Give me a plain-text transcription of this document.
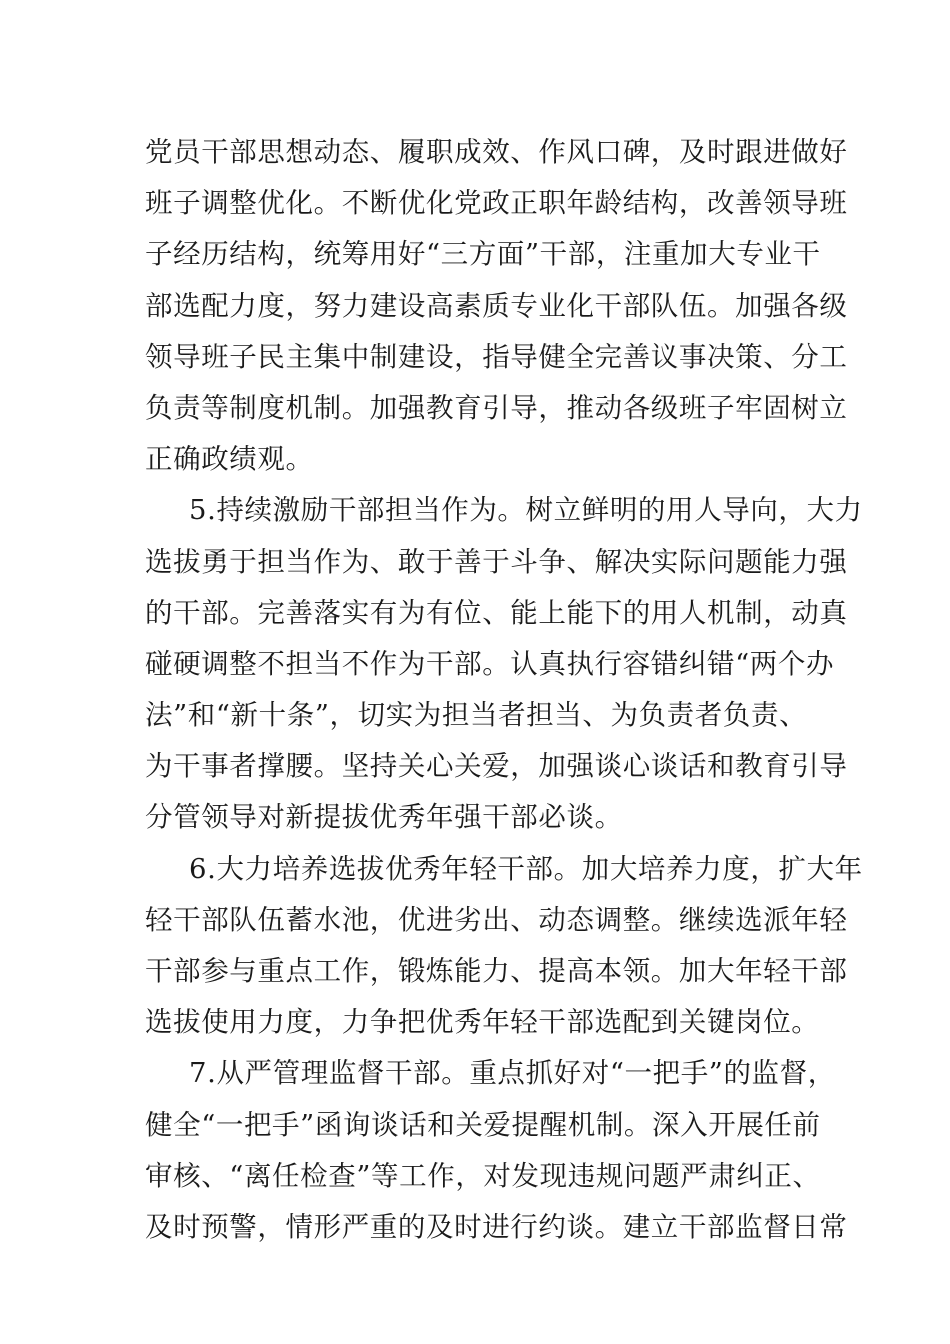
党员干部思想动态、履职成效、作风口碑，及时跟进做好
班子调整优化。不断优化党政正职年龄结构，改善领导班
子经历结构，统筹用好“三方面”干部，注重加大专业干
部选配力度，努力建设高素质专业化干部队伍。加强各级
领导班子民主集中制建设，指导健全完善议事决策、分工
负责等制度机制。加强教育引导，推动各级班子牢固树立
正确政绩观。
5.持续激励干部担当作为。树立鲜明的用人导向，大力
选拔勇于担当作为、敢于善于斗争、解决实际问题能力强
的干部。完善落实有为有位、能上能下的用人机制，动真
碰硬调整不担当不作为干部。认真执行容错纠错“两个办
法”和“新十条”，切实为担当者担当、为负责者负责、
为干事者撑腰。坚持关心关爱，加强谈心谈话和教育引导
分管领导对新提拔优秀年强干部必谈。
6.大力培养选拔优秀年轻干部。加大培养力度，扩大年
轻干部队伍蓄水池，优进劣出、动态调整。继续选派年轻
干部参与重点工作，锻炼能力、提高本领。加大年轻干部
选拔使用力度，力争把优秀年轻干部选配到关键岗位。
7.从严管理监督干部。重点抓好对“一把手”的监督，
健全“一把手”函询谈话和关爱提醒机制。深入开展任前
审核、“离任检查”等工作，对发现违规问题严肃纠正、
及时预警，情形严重的及时进行约谈。建立干部监督日常
